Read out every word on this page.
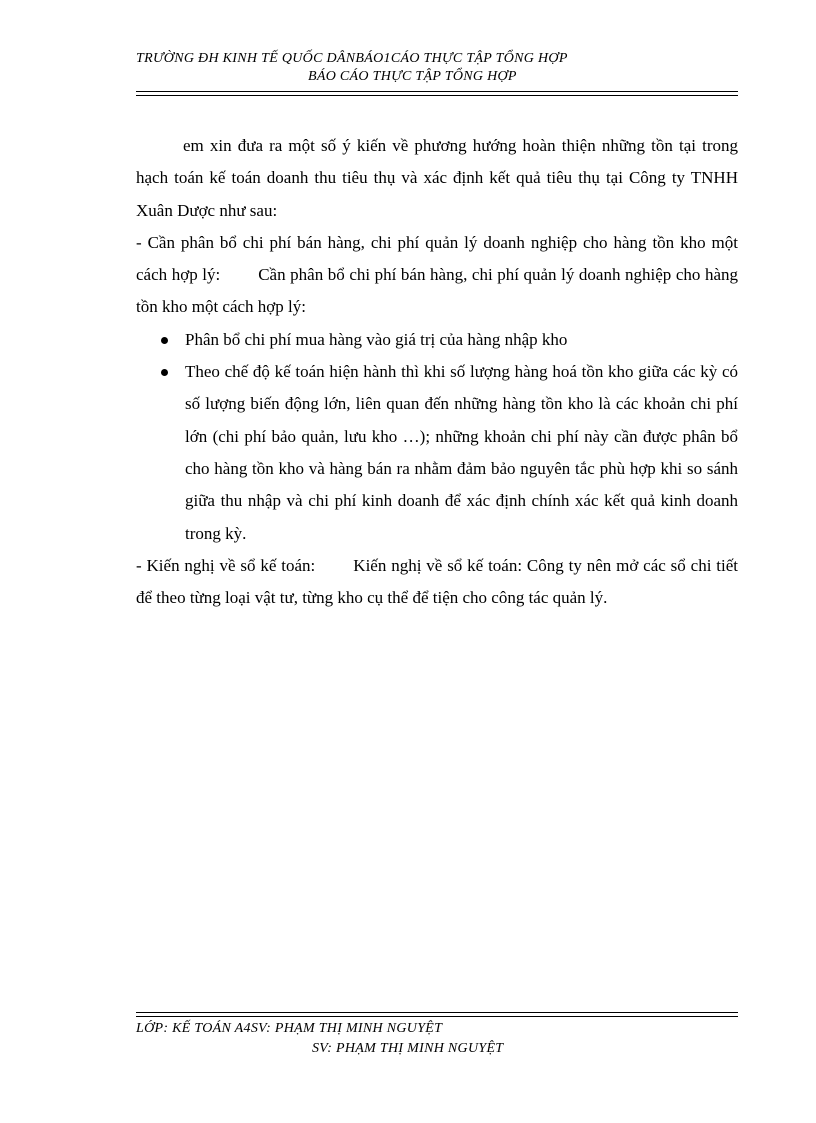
TRƯỜNG ĐH KINH TẾ QUỐC DÂNBÁO1CÁO THỰC TẬP TỔNG HỢP
BÁO CÁO THỰC TẬP TỔNG HỢP

em xin đưa ra một số ý kiến về phương hướng hoàn thiện những tồn tại trong hạch toán kế toán doanh thu tiêu thụ và xác định kết quả tiêu thụ tại Công ty TNHH Xuân Dược như sau:

- Cần phân bổ chi phí bán hàng, chi phí quản lý doanh nghiệp cho hàng tồn kho một cách hợp lý: Cần phân bổ chi phí bán hàng, chi phí quản lý doanh nghiệp cho hàng tồn kho một cách hợp lý:

Phân bổ chi phí mua hàng vào giá trị của hàng nhập kho
Theo chế độ kế toán hiện hành thì khi số lượng hàng hoá tồn kho giữa các kỳ có số lượng biến động lớn, liên quan đến những hàng tồn kho là các khoản chi phí lớn (chi phí bảo quản, lưu kho …); những khoản chi phí này cần được phân bổ cho hàng tồn kho và hàng bán ra nhằm đảm bảo nguyên tắc phù hợp khi so sánh giữa thu nhập và chi phí kinh doanh để xác định chính xác kết quả kinh doanh trong kỳ.

- Kiến nghị về sổ kế toán: Kiến nghị về sổ kế toán: Công ty nên mở các sổ chi tiết để theo từng loại vật tư, từng kho cụ thể để tiện cho công tác quản lý.

LỚP: KẾ TOÁN A4SV: PHẠM THỊ MINH NGUYỆT
SV: PHẠM THỊ MINH NGUYỆT
